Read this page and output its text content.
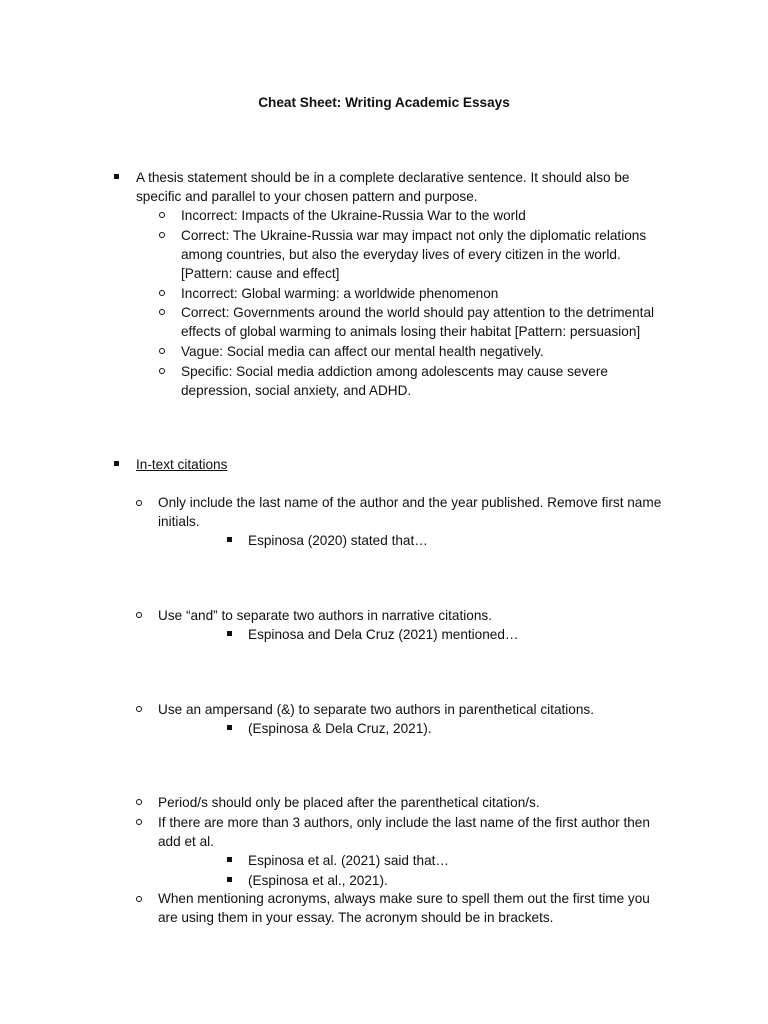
Cheat Sheet: Writing Academic Essays
A thesis statement should be in a complete declarative sentence. It should also be
specific and parallel to your chosen pattern and purpose.
Incorrect: Impacts of the Ukraine-Russia War to the world
Correct: The Ukraine-Russia war may impact not only the diplomatic relations
among countries, but also the everyday lives of every citizen in the world.
[Pattern: cause and effect]
Incorrect: Global warming: a worldwide phenomenon
Correct: Governments around the world should pay attention to the detrimental
effects of global warming to animals losing their habitat [Pattern: persuasion]
Vague: Social media can affect our mental health negatively.
Specific: Social media addiction among adolescents may cause severe
depression, social anxiety, and ADHD.
In-text citations
Only include the last name of the author and the year published. Remove first name
initials.
Espinosa (2020) stated that…
Use “and” to separate two authors in narrative citations.
Espinosa and Dela Cruz (2021) mentioned…
Use an ampersand (&) to separate two authors in parenthetical citations.
(Espinosa & Dela Cruz, 2021).
Period/s should only be placed after the parenthetical citation/s.
If there are more than 3 authors, only include the last name of the first author then
add et al.
Espinosa et al. (2021) said that…
(Espinosa et al., 2021).
When mentioning acronyms, always make sure to spell them out the first time you
are using them in your essay. The acronym should be in brackets.
